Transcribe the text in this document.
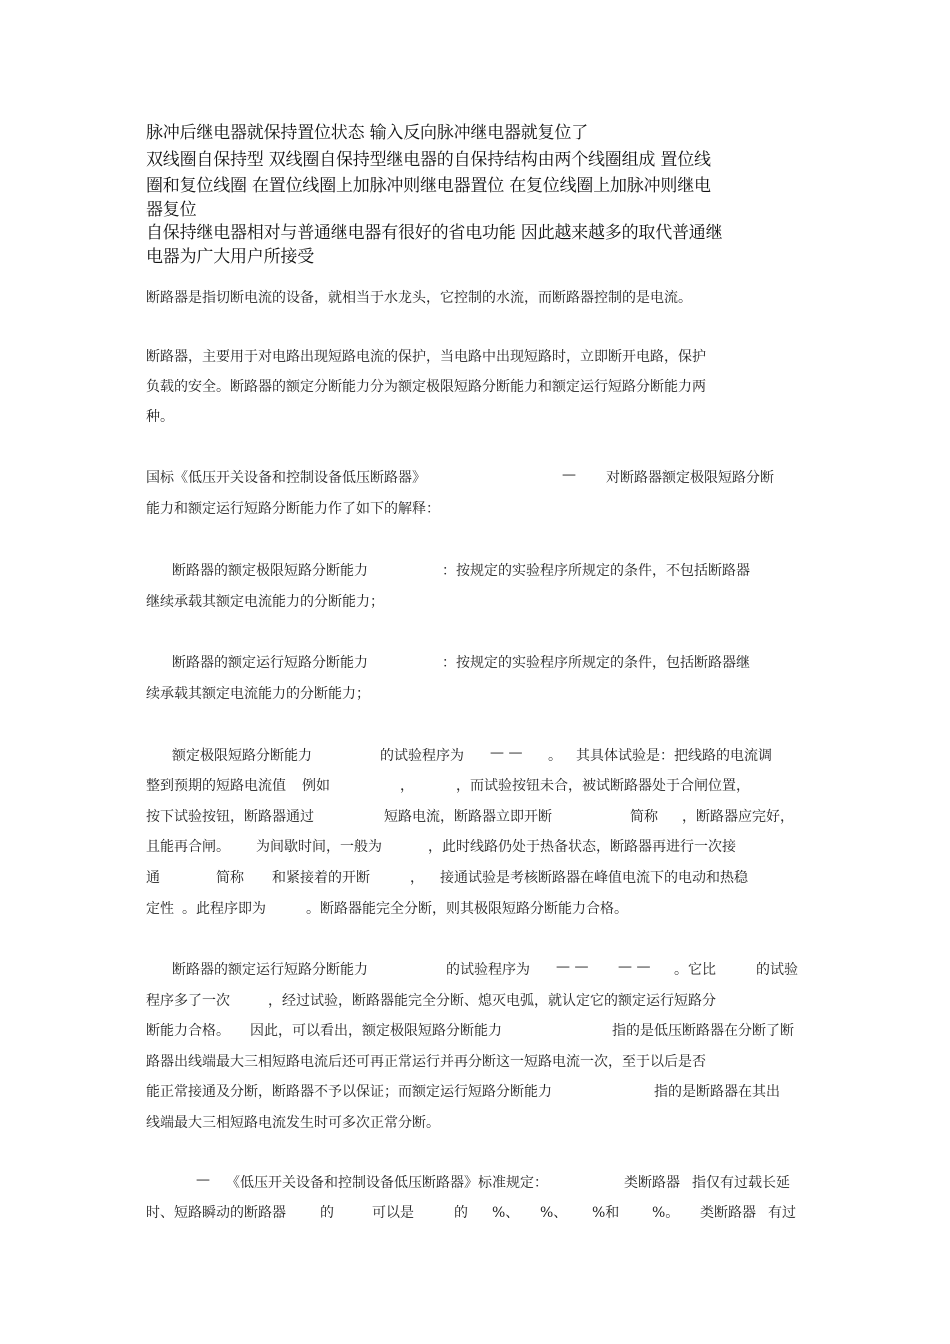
脉冲后继电器就保持置位状态 输入反向脉冲继电器就复位了
双线圈自保持型 双线圈自保持型继电器的自保持结构由两个线圈组成 置位线
圈和复位线圈 在置位线圈上加脉冲则继电器置位 在复位线圈上加脉冲则继电
器复位
自保持继电器相对与普通继电器有很好的省电功能 因此越来越多的取代普通继
电器为广大用户所接受
断路器是指切断电流的设备，就相当于水龙头，它控制的水流，而断路器控制的是电流。
断路器，主要用于对电路出现短路电流的保护，当电路中出现短路时，立即断开电路，保护
负载的安全。断路器的额定分断能力分为额定极限短路分断能力和额定运行短路分断能力两
种。
国标《低压开关设备和控制设备低压断路器》	— 对断路器额定极限短路分断
能力和额定运行短路分断能力作了如下的解释：
断路器的额定极限短路分断能力	：按规定的实验程序所规定的条件，不包括断路器
继续承载其额定电流能力的分断能力；
断路器的额定运行短路分断能力	：按规定的实验程序所规定的条件，包括断路器继
续承载其额定电流能力的分断能力；
额定极限短路分断能力	的试验程序为 — — 。 其具体试验是：把线路的电流调
整到预期的短路电流值 例如	，	，而试验按钮未合，被试断路器处于合闸位置，
按下试验按钮，断路器通过	短路电流，断路器立即开断	简称 ，断路器应完好，
且能再合闸。 为间歇时间，一般为	，此时线路仍处于热备状态，断路器再进行一次接
通	简称 和紧接着的开断	， 接通试验是考核断路器在峰值电流下的电动和热稳
定性 。此程序即为	。断路器能完全分断，则其极限短路分断能力合格。
断路器的额定运行短路分断能力	的试验程序为 — — — — 。它比	的试验
程序多了一次	，经过试验，断路器能完全分断、熄灭电弧，就认定它的额定运行短路分
断能力合格。 因此，可以看出，额定极限短路分断能力	指的是低压断路器在分断了断
路器出线端最大三相短路电流后还可再正常运行并再分断这一短路电流一次，至于以后是否
能正常接通及分断，断路器不予以保证；而额定运行短路分断能力	指的是断路器在其出
线端最大三相短路电流发生时可多次正常分断。
— 《低压开关设备和控制设备低压断路器》标准规定：	类断路器 指仅有过载长延
时、短路瞬动的断路器 的	可以是	的 %、 %、 %和 %。 类断路器 有过
